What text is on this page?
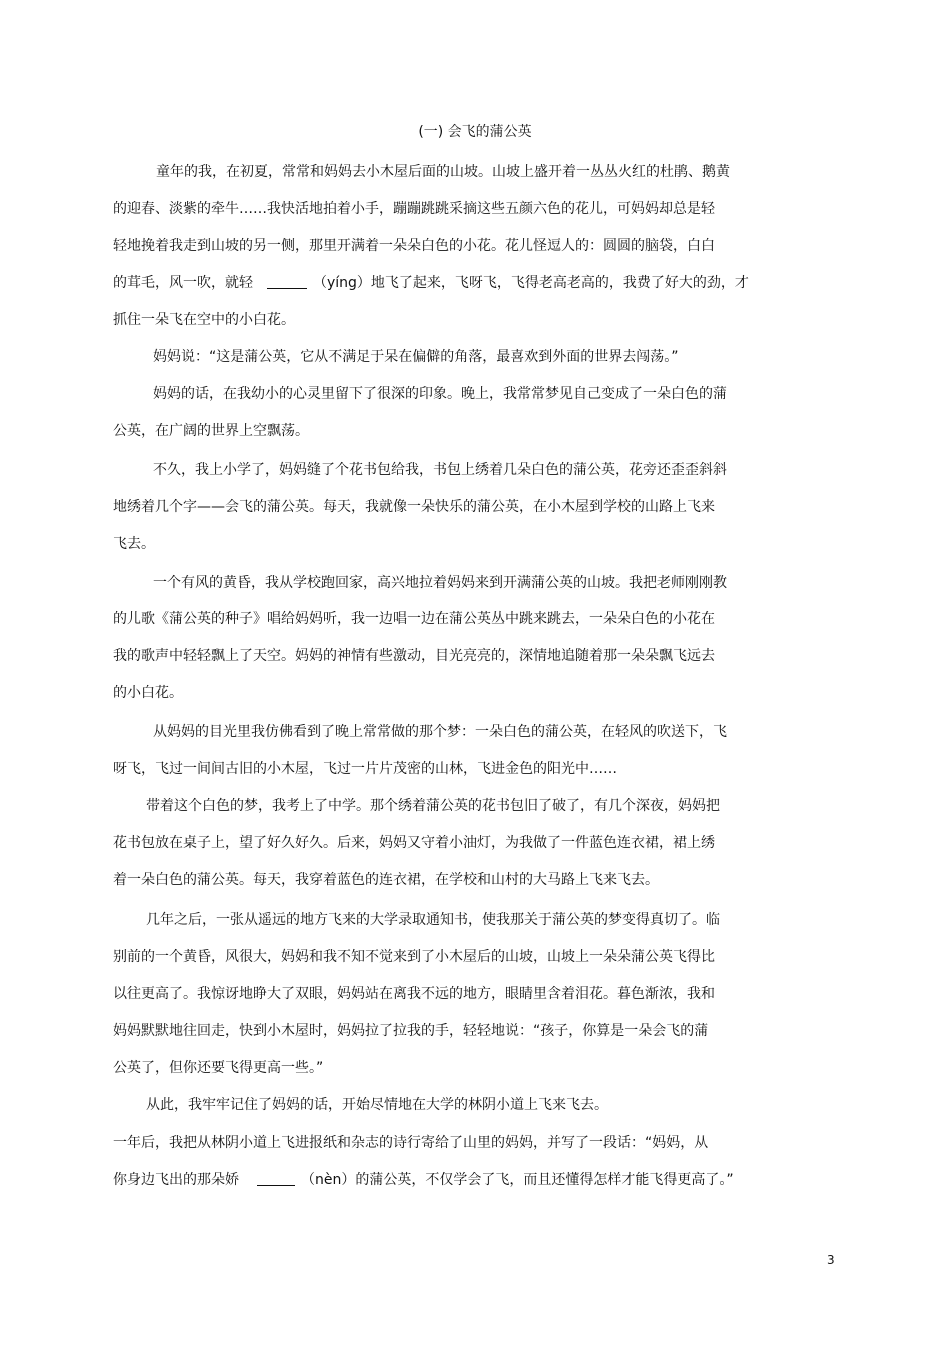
(一) 会飞的蒲公英
童年的我，在初夏，常常和妈妈去小木屋后面的山坡。山坡上盛开着一丛丛火红的杜鹃、鹅黄
的迎春、淡紫的牵牛……我快活地拍着小手，蹦蹦跳跳采摘这些五颜六色的花儿，可妈妈却总是轻
轻地挽着我走到山坡的另一侧，那里开满着一朵朵白色的小花。花儿怪逗人的：圆圆的脑袋，白白
的茸毛，风一吹，就轻	（yíng）地飞了起来，飞呀飞，飞得老高老高的，我费了好大的劲，才
抓住一朵飞在空中的小白花。
妈妈说：“这是蒲公英，它从不满足于呆在偏僻的角落，最喜欢到外面的世界去闯荡。”
妈妈的话，在我幼小的心灵里留下了很深的印象。晚上，我常常梦见自己变成了一朵白色的蒲
公英，在广阔的世界上空飘荡。
不久，我上小学了，妈妈缝了个花书包给我，书包上绣着几朵白色的蒲公英，花旁还歪歪斜斜
地绣着几个字——会飞的蒲公英。每天，我就像一朵快乐的蒲公英，在小木屋到学校的山路上飞来
飞去。
一个有风的黄昏，我从学校跑回家，高兴地拉着妈妈来到开满蒲公英的山坡。我把老师刚刚教
的儿歌《蒲公英的种子》唱给妈妈听，我一边唱一边在蒲公英丛中跳来跳去，一朵朵白色的小花在
我的歌声中轻轻飘上了天空。妈妈的神情有些激动，目光亮亮的，深情地追随着那一朵朵飘飞远去
的小白花。
从妈妈的目光里我仿佛看到了晚上常常做的那个梦：一朵白色的蒲公英，在轻风的吹送下，飞
呀飞，飞过一间间古旧的小木屋，飞过一片片茂密的山林，飞进金色的阳光中……
带着这个白色的梦，我考上了中学。那个绣着蒲公英的花书包旧了破了，有几个深夜，妈妈把
花书包放在桌子上，望了好久好久。后来，妈妈又守着小油灯，为我做了一件蓝色连衣裙，裙上绣
着一朵白色的蒲公英。每天，我穿着蓝色的连衣裙，在学校和山村的大马路上飞来飞去。
几年之后，一张从遥远的地方飞来的大学录取通知书，使我那关于蒲公英的梦变得真切了。临
别前的一个黄昏，风很大，妈妈和我不知不觉来到了小木屋后的山坡，山坡上一朵朵蒲公英飞得比
以往更高了。我惊讶地睁大了双眼，妈妈站在离我不远的地方，眼睛里含着泪花。暮色渐浓，我和
妈妈默默地往回走，快到小木屋时，妈妈拉了拉我的手，轻轻地说：“孩子，你算是一朵会飞的蒲
公英了，但你还要飞得更高一些。”
从此，我牢牢记住了妈妈的话，开始尽情地在大学的林阴小道上飞来飞去。
一年后，我把从林阴小道上飞进报纸和杂志的诗行寄给了山里的妈妈，并写了一段话：“妈妈，从
你身边飞出的那朵娇	（nèn）的蒲公英，不仅学会了飞，而且还懂得怎样才能飞得更高了。”
3
